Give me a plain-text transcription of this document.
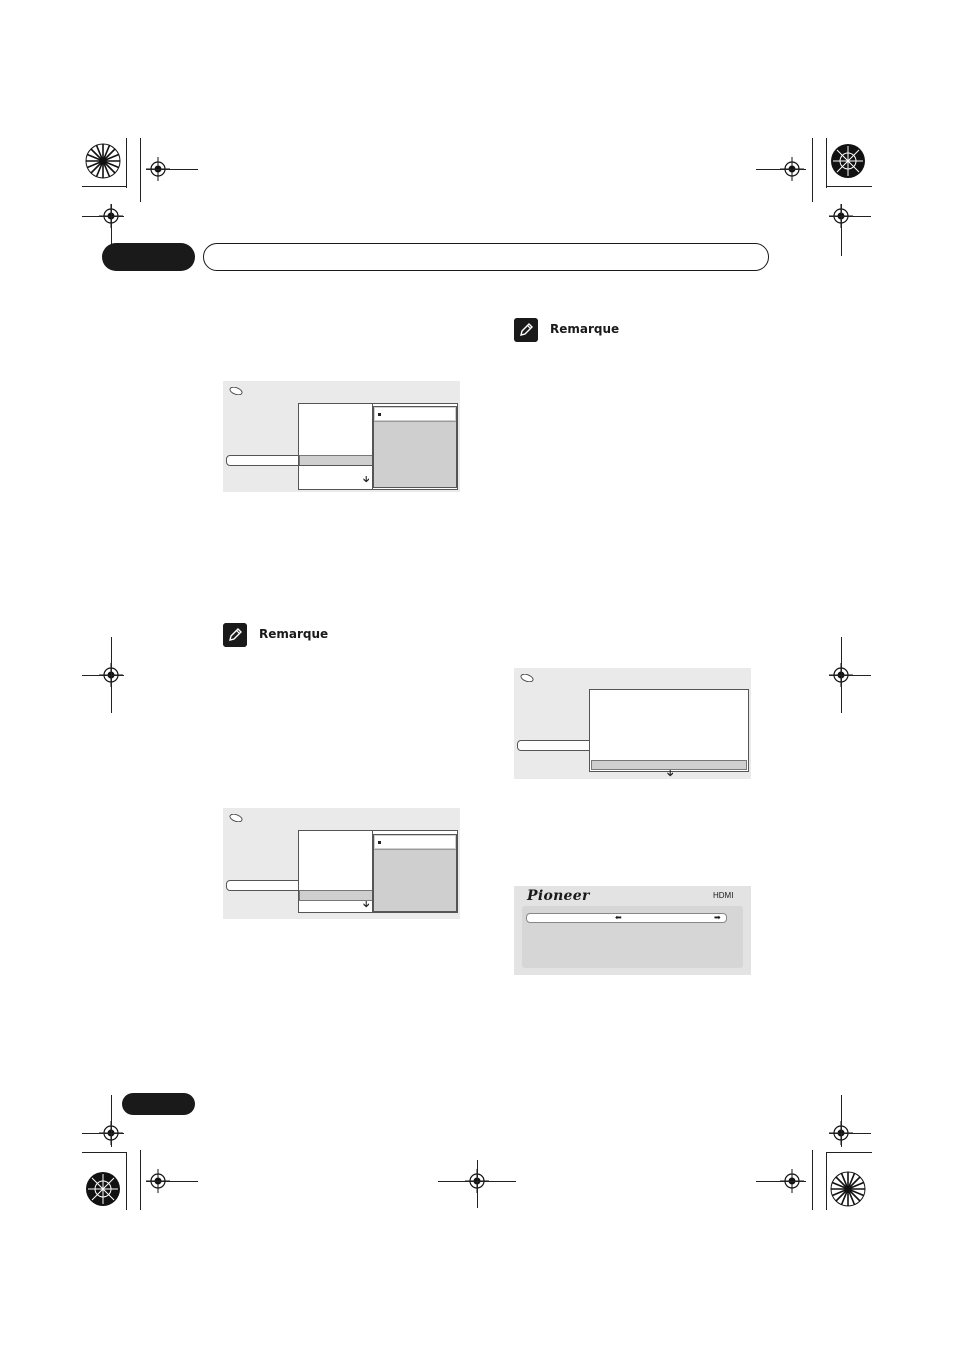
Remarque
Remarque
🡳
🡳
🡳
Pioneer	HDMI
⬅	➡
